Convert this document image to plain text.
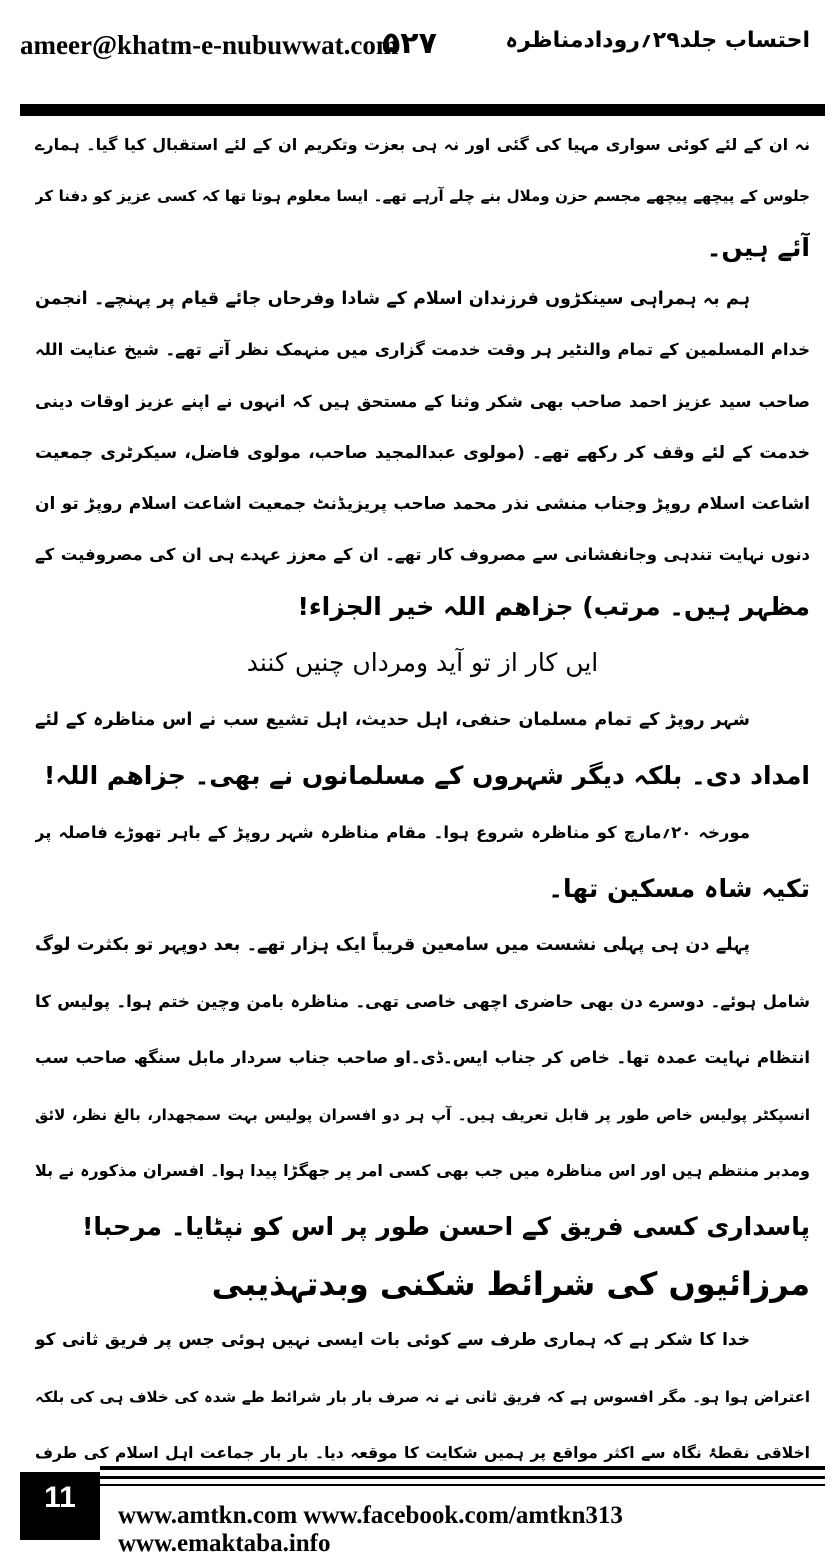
ameer@khatm-e-nubuwwat.com
۵۲۷	احتساب جلد۲۹؍رودادمناظرہ
نہ ان کے لئے کوئی سواری مہیا کی گئی اور نہ ہی بعزت وتکریم ان کے لئے استقبال کیا گیا۔ ہمارے
جلوس کے پیچھے پیچھے مجسم حزن وملال بنے چلے آرہے تھے۔ ایسا معلوم ہوتا تھا کہ کسی عزیز کو دفنا کر
آئے ہیں۔
ہم بہ ہمراہی سینکڑوں فرزندان اسلام کے شادا وفرحاں جائے قیام پر پہنچے۔ انجمن
خدام المسلمین کے تمام والنٹیر ہر وقت خدمت گزاری میں منہمک نظر آتے تھے۔ شیخ عنایت اللہ
صاحب سید عزیز احمد صاحب بھی شکر وثنا کے مستحق ہیں کہ انہوں نے اپنے عزیز اوقات دینی
خدمت کے لئے وقف کر رکھے تھے۔ (مولوی عبدالمجید صاحب، مولوی فاضل، سیکرٹری جمعیت
اشاعت اسلام روپڑ وجناب منشی نذر محمد صاحب پریزیڈنٹ جمعیت اشاعت اسلام روپڑ تو ان
دنوں نہایت تندہی وجانفشانی سے مصروف کار تھے۔ ان کے معزز عہدے ہی ان کی مصروفیت کے
مظہر ہیں۔ مرتب) جزاھم اللہ خیر الجزاء!
ایں کار از تو آید ومرداں چنیں کنند
شہر روپڑ کے تمام مسلمان حنفی، اہل حدیث، اہل تشیع سب نے اس مناظرہ کے لئے
امداد دی۔ بلکہ دیگر شہروں کے مسلمانوں نے بھی۔ جزاھم اللہ!
مورخہ ۲۰؍مارچ کو مناظرہ شروع ہوا۔ مقام مناظرہ شہر روپڑ کے باہر تھوڑے فاصلہ پر
تکیہ شاہ مسکین تھا۔
پہلے دن ہی پہلی نشست میں سامعین قریباً ایک ہزار تھے۔ بعد دوپہر تو بکثرت لوگ
شامل ہوئے۔ دوسرے دن بھی حاضری اچھی خاصی تھی۔ مناظرہ بامن وچین ختم ہوا۔ پولیس کا
انتظام نہایت عمدہ تھا۔ خاص کر جناب ایس۔ڈی۔او صاحب جناب سردار مابل سنگھ صاحب سب
انسپکٹر پولیس خاص طور پر قابل تعریف ہیں۔ آپ ہر دو افسران پولیس بہت سمجھدار، بالغ نظر، لائق
ومدبر منتظم ہیں اور اس مناظرہ میں جب بھی کسی امر پر جھگڑا پیدا ہوا۔ افسران مذکورہ نے بلا
پاسداری کسی فریق کے احسن طور پر اس کو نپٹایا۔ مرحبا!
مرزائیوں کی شرائط شکنی وبدتہذیبی
خدا کا شکر ہے کہ ہماری طرف سے کوئی بات ایسی نہیں ہوئی جس پر فریق ثانی کو
اعتراض ہوا ہو۔ مگر افسوس ہے کہ فریق ثانی نے نہ صرف بار بار شرائط طے شدہ کی خلاف ہی کی بلکہ
اخلاقی نقطۂ نگاہ سے اکثر مواقع پر ہمیں شکایت کا موقعہ دیا۔ بار بار جماعت اہل اسلام کی طرف
11
www.amtkn.com www.facebook.com/amtkn313 www.emaktaba.info
